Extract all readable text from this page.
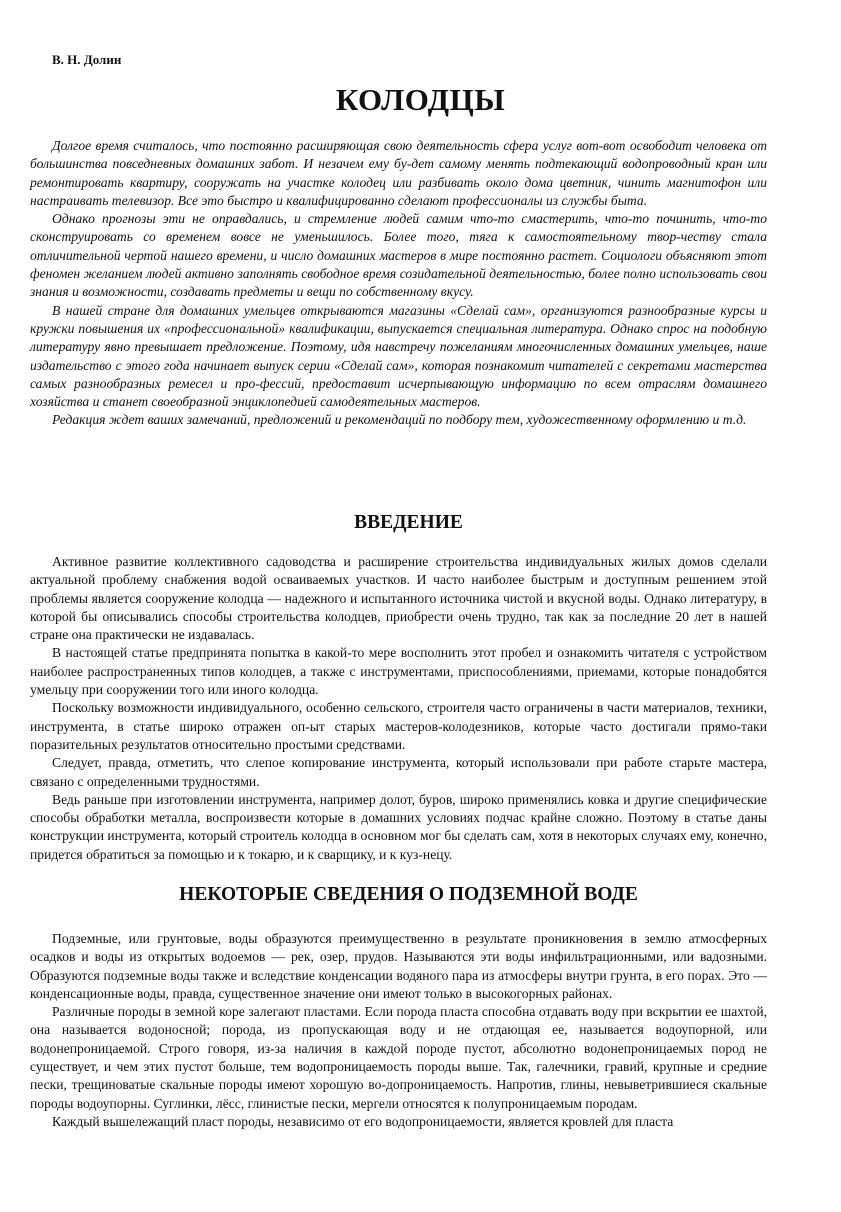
В. Н. Долин
КОЛОДЦЫ

Долгое время считалось, что постоянно расширяющая свою деятельность сфера услуг вот-вот освободит человека от большинства повседневных домашних забот. И незачем ему бу-дет самому менять подтекающий водопроводный кран или ремонтировать квартиру, сооружать на участке колодец или разбивать около дома цветник, чинить магнитофон или настраивать телевизор. Все это быстро и квалифицированно сделают профессионалы из службы быта.

Однако прогнозы эти не оправдались, и стремление людей самим что-то смастерить, что-то починить, что-то сконструировать со временем вовсе не уменьшилось. Более того, тяга к самостоятельному твор-честву стала отличительной чертой нашего времени, и число домашних мастеров в мире постоянно растет. Социологи объясняют этот феномен желанием людей активно заполнять свободное время созидательной деятельностью, более полно использовать свои знания и возможности, создавать предметы и вещи по собственному вкусу.

В нашей стране для домашних умельцев открываются магазины «Сделай сам», организуются разнообразные курсы и кружки повышения их «профессиональной» квалификации, выпускается специальная литература. Однако спрос на подобную литературу явно превышает предложение. Поэтому, идя навстречу пожеланиям многочисленных домашних умельцев, наше издательство с этого года начинает выпуск серии «Сделай сам», которая познакомит читателей с секретами мастерства самых разнообразных ремесел и про-фессий, предоставит исчерпывающую информацию по всем отраслям домашнего хозяйства и станет своеобразной энциклопедией самодеятельных мастеров.

Редакция ждет ваших замечаний, предложений и рекомендаций по подбору тем, художественному оформлению и т.д.

ВВЕДЕНИЕ

Активное развитие коллективного садоводства и расширение строительства индивидуальных жилых домов сделали актуальной проблему снабжения водой осваиваемых участков. И часто наиболее быстрым и доступным решением этой проблемы является сооружение колодца — надежного и испытанного источника чистой и вкусной воды. Однако литературу, в которой бы описывались способы строительства колодцев, приобрести очень трудно, так как за последние 20 лет в нашей стране она практически не издавалась.

В настоящей статье предпринята попытка в какой-то мере восполнить этот пробел и ознакомить читателя с устройством наиболее распространенных типов колодцев, а также с инструментами, приспособлениями, приемами, которые понадобятся умельцу при сооружении того или иного колодца.

Поскольку возможности индивидуального, особенно сельского, строителя часто ограничены в части материалов, техники, инструмента, в статье широко отражен оп-ыт старых мастеров-колодезников, которые часто достигали прямо-таки поразительных результатов относительно простыми средствами.

Следует, правда, отметить, что слепое копирование инструмента, который использовали при работе старьте мастера, связано с определенными трудностями.

Ведь раньше при изготовлении инструмента, например долот, буров, широко применялись ковка и другие специфические способы обработки металла, воспроизвести которые в домашних условиях подчас крайне сложно. Поэтому в статье даны конструкции инструмента, который строитель колодца в основном мог бы сделать сам, хотя в некоторых случаях ему, конечно, придется обратиться за помощью и к токарю, и к сварщику, и к куз-нецу.

НЕКОТОРЫЕ СВЕДЕНИЯ О ПОДЗЕМНОЙ ВОДЕ

Подземные, или грунтовые, воды образуются преимущественно в результате проникновения в землю атмосферных осадков и воды из открытых водоемов — рек, озер, прудов. Называются эти воды инфильтрационными, или вадозными. Образуются подземные воды также и вследствие конденсации водяного пара из атмосферы внутри грунта, в его порах. Это — конденсационные воды, правда, существенное значение они имеют только в высокогорных районах.

Различные породы в земной коре залегают пластами. Если порода пласта способна отдавать воду при вскрытии ее шахтой, она называется водоносной; порода, из пропускающая воду и не отдающая ее, называется водоупорной, или водонепроницаемой. Строго говоря, из-за наличия в каждой породе пустот, абсолютно водонепроницаемых пород не существует, и чем этих пустот больше, тем водопроницаемость породы выше. Так, галечники, гравий, крупные и средние пески, трещиноватые скальные породы имеют хорошую во-допроницаемость. Напротив, глины, невыветрившиеся скальные породы водоупорны. Суглинки, лёсс, глинистые пески, мергели относятся к полупроницаемым породам.

Каждый вышележащий пласт породы, независимо от его водопроницаемости, является кровлей для пласта
